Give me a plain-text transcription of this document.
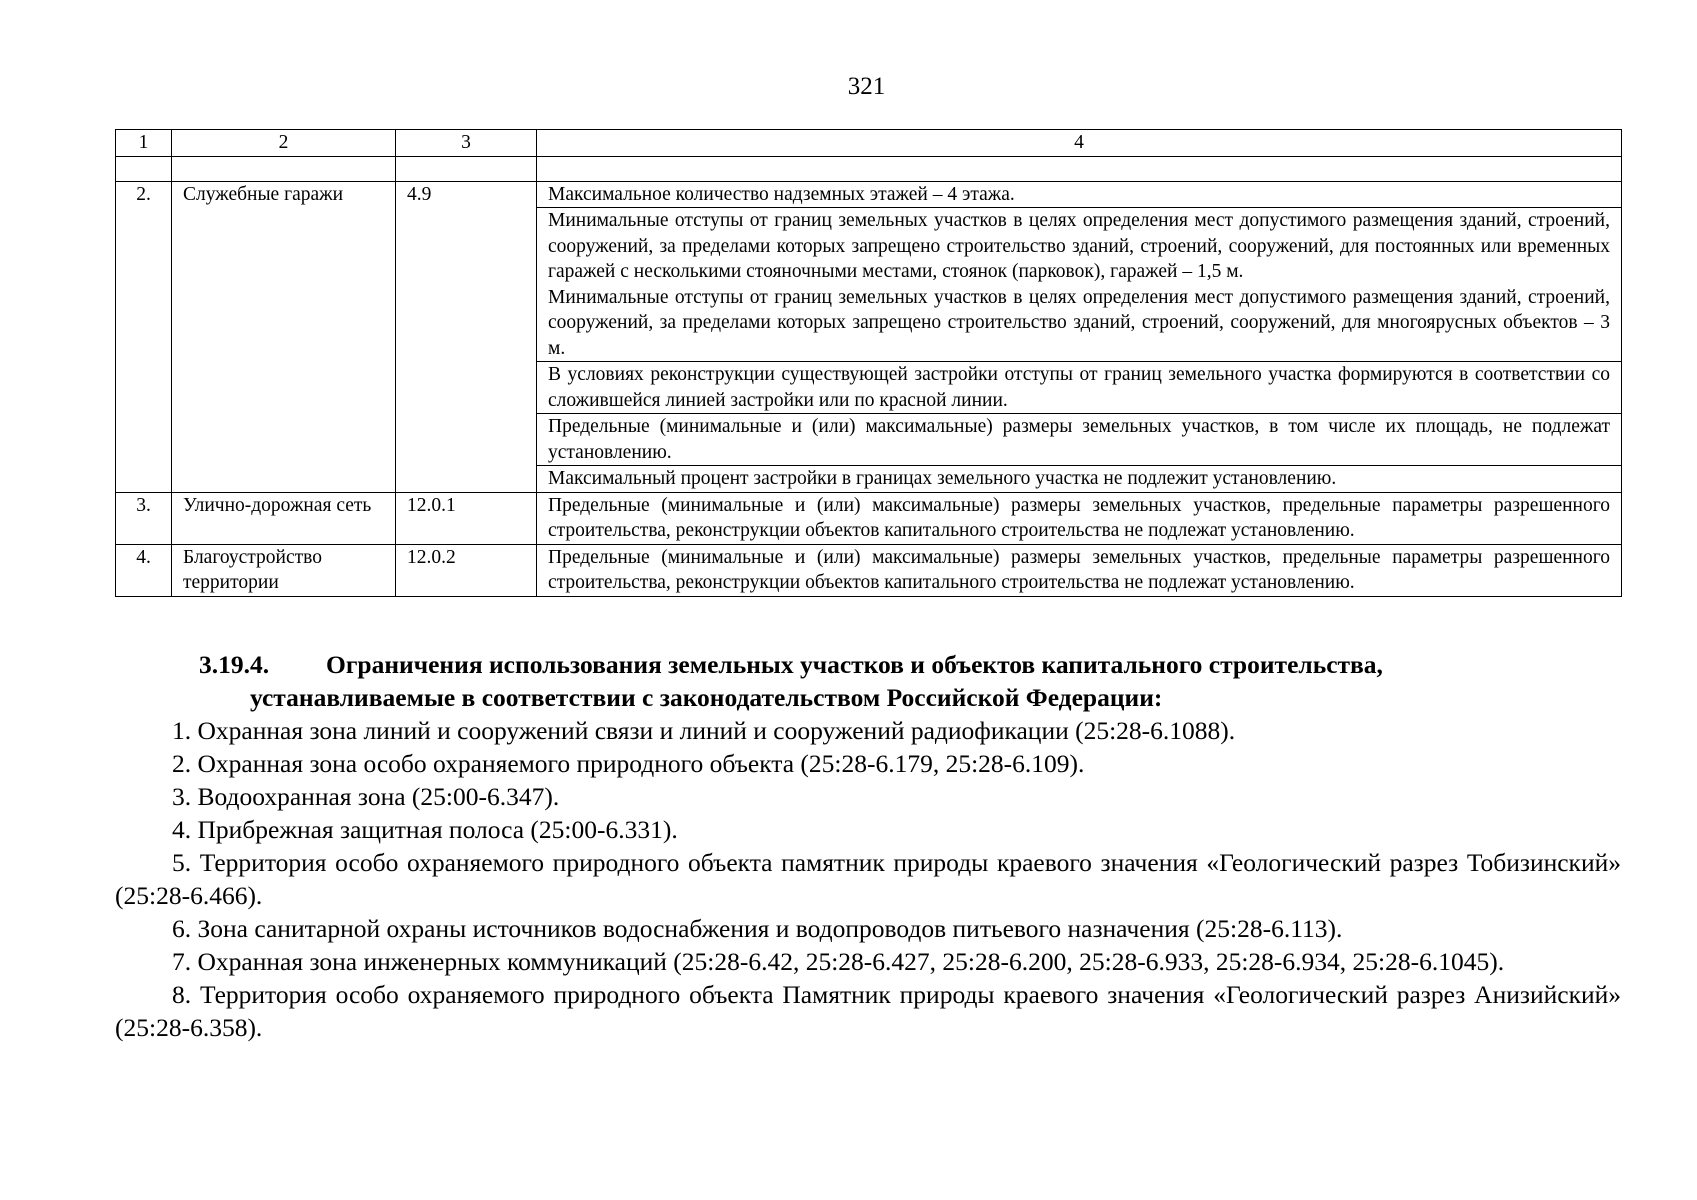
321
1	2	3	4

2.	Служебные гаражи	4.9	Максимальное количество надземных этажей – 4 этажа.

			Минимальные отступы от границ земельных участков в целях определения мест допустимого размещения зданий, строений, сооружений, за пределами которых запрещено строительство зданий, строений, сооружений, для постоянных или временных гаражей с несколькими стояночными местами, стоянок (парковок), гаражей – 1,5 м.
Минимальные отступы от границ земельных участков в целях определения мест допустимого размещения зданий, строений, сооружений, за пределами которых запрещено строительство зданий, строений, сооружений, для многоярусных объектов – 3 м.

			В условиях реконструкции существующей застройки отступы от границ земельного участка формируются в соответствии со сложившейся линией застройки или по красной линии.
			Предельные (минимальные и (или) максимальные) размеры земельных участков, в том числе их площадь, не подлежат установлению.
			Максимальный процент застройки в границах земельного участка не подлежит установлению.
3.	Улично-дорожная сеть	12.0.1	Предельные (минимальные и (или) максимальные) размеры земельных участков, предельные параметры разрешенного строительства, реконструкции объектов капитального строительства не подлежат установлению.
4.	Благоустройство территории	12.0.2	Предельные (минимальные и (или) максимальные) размеры земельных участков, предельные параметры разрешенного строительства, реконструкции объектов капитального строительства не подлежат установлению.
3.19.4. Ограничения использования земельных участков и объектов капитального строительства,
устанавливаемые в соответствии с законодательством Российской Федерации:

1. Охранная зона линий и сооружений связи и линий и сооружений радиофикации (25:28-6.1088).

2. Охранная зона особо охраняемого природного объекта (25:28-6.179, 25:28-6.109).

3. Водоохранная зона (25:00-6.347).

4. Прибрежная защитная полоса (25:00-6.331).

5. Территория особо охраняемого природного объекта памятник природы краевого значения «Геологический разрез Тобизинский» (25:28-6.466).

6. Зона санитарной охраны источников водоснабжения и водопроводов питьевого назначения (25:28-6.113).

7. Охранная зона инженерных коммуникаций (25:28-6.42, 25:28-6.427, 25:28-6.200, 25:28-6.933, 25:28-6.934, 25:28-6.1045).

8. Территория особо охраняемого природного объекта Памятник природы краевого значения «Геологический разрез Анизийский» (25:28-6.358).
